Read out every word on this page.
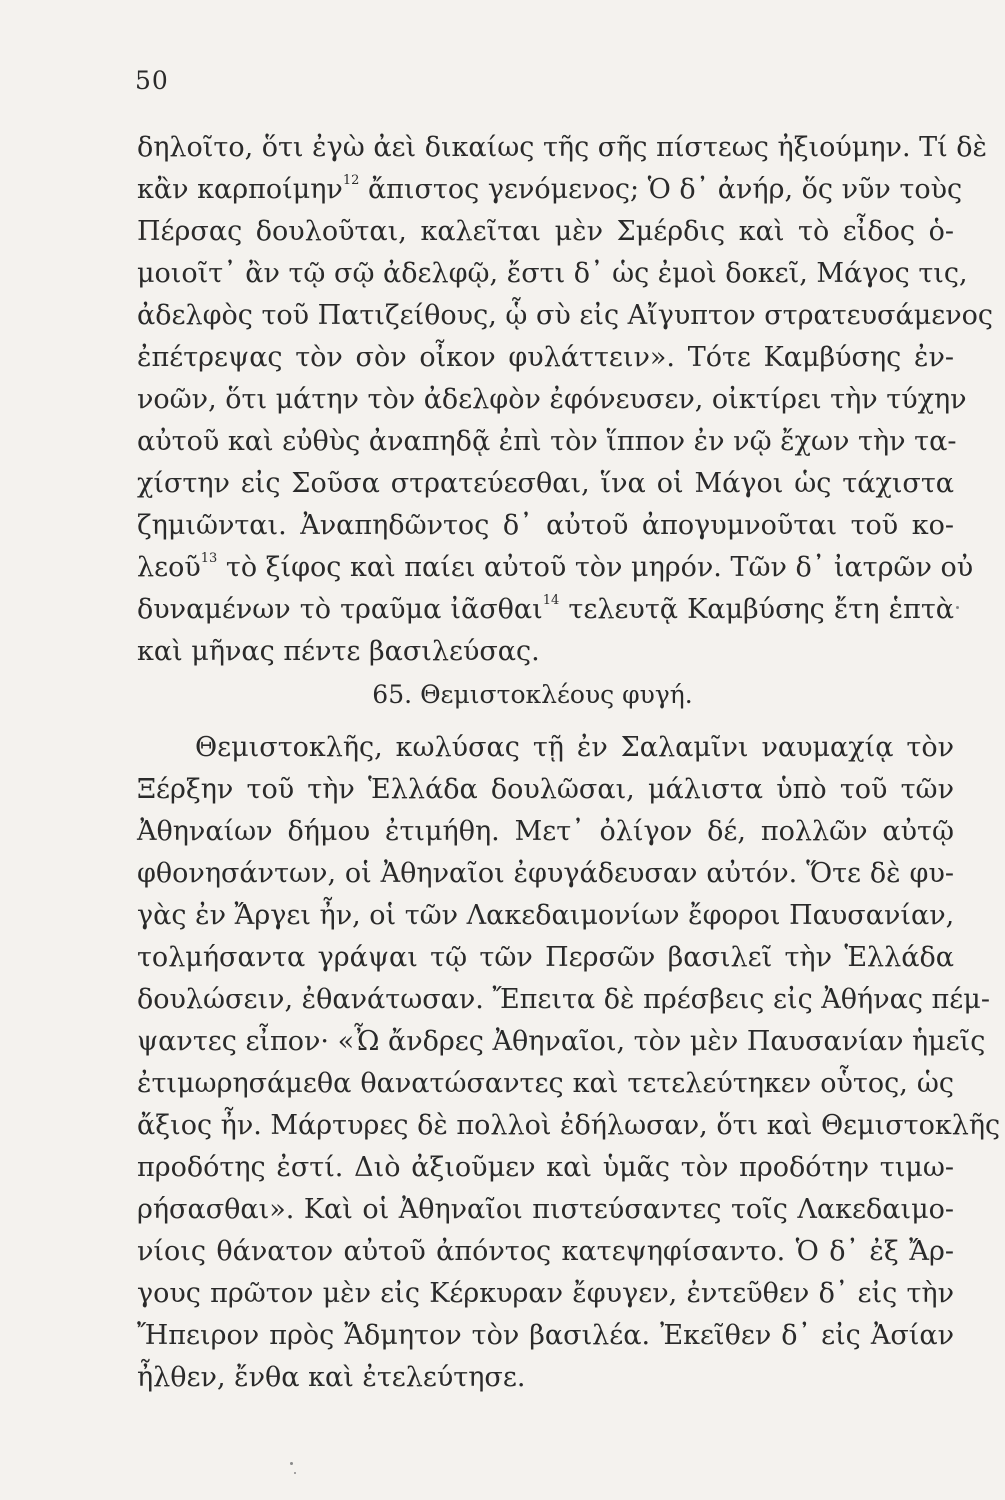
50
δηλοῖτο, ὅτι ἐγὼ ἀεὶ δικαίως τῆς σῆς πίστεως ἠξιούμην. Τί δὲ
κἂν καρποίμην$^{12}$ ἄπιστος γενόμενος; Ὁ δ᾽ ἀνήρ, ὅς νῦν τοὺς
Πέρσας δουλοῦται, καλεῖται μὲν Σμέρδις καὶ τὸ εἶδος ὁ-
μοιοῖτ᾽ ἂν τῷ σῷ ἀδελφῷ, ἔστι δ᾽ ὡς ἐμοὶ δοκεῖ, Μάγος τις,
ἀδελφὸς τοῦ Πατιζείθους, ᾧ σὺ εἰς Αἴγυπτον στρατευσάμενος
ἐπέτρεψας τὸν σὸν οἶκον φυλάττειν». Τότε Καμβύσης ἐν-
νοῶν, ὅτι μάτην τὸν ἀδελφὸν ἐφόνευσεν, οἰκτίρει τὴν τύχην
αὐτοῦ καὶ εὐθὺς ἀναπηδᾷ ἐπὶ τὸν ἵππον ἐν νῷ ἔχων τὴν τα-
χίστην εἰς Σοῦσα στρατεύεσθαι, ἵνα οἱ Μάγοι ὡς τάχιστα
ζημιῶνται. Ἀναπηδῶντος δ᾽ αὐτοῦ ἀπογυμνοῦται τοῦ κο-
λεοῦ$^{13}$ τὸ ξίφος καὶ παίει αὐτοῦ τὸν μηρόν. Τῶν δ᾽ ἰατρῶν οὐ
δυναμένων τὸ τραῦμα ἰᾶσθαι$^{14}$ τελευτᾷ Καμβύσης ἔτη ἑπτὰ
καὶ μῆνας πέντε βασιλεύσας.
65. Θεμιστοκλέους φυγή.
Θεμιστοκλῆς, κωλύσας τῇ ἐν Σαλαμῖνι ναυμαχίᾳ τὸν
Ξέρξην τοῦ τὴν Ἑλλάδα δουλῶσαι, μάλιστα ὑπὸ τοῦ τῶν
Ἀθηναίων δήμου ἐτιμήθη. Μετ᾽ ὀλίγον δέ, πολλῶν αὐτῷ
φθονησάντων, οἱ Ἀθηναῖοι ἐφυγάδευσαν αὐτόν. Ὅτε δὲ φυ-
γὰς ἐν Ἄργει ἦν, οἱ τῶν Λακεδαιμονίων ἔφοροι Παυσανίαν,
τολμήσαντα γράψαι τῷ τῶν Περσῶν βασιλεῖ τὴν Ἑλλάδα
δουλώσειν, ἐθανάτωσαν. Ἔπειτα δὲ πρέσβεις εἰς Ἀθήνας πέμ-
ψαντες εἶπον· «Ὦ ἄνδρες Ἀθηναῖοι, τὸν μὲν Παυσανίαν ἡμεῖς
ἐτιμωρησάμεθα θανατώσαντες καὶ τετελεύτηκεν οὗτος, ὡς
ἄξιος ἦν. Μάρτυρες δὲ πολλοὶ ἐδήλωσαν, ὅτι καὶ Θεμιστοκλῆς
προδότης ἐστί. Διὸ ἀξιοῦμεν καὶ ὑμᾶς τὸν προδότην τιμω-
ρήσασθαι». Καὶ οἱ Ἀθηναῖοι πιστεύσαντες τοῖς Λακεδαιμο-
νίοις θάνατον αὐτοῦ ἀπόντος κατεψηφίσαντο. Ὁ δ᾽ ἐξ Ἄρ-
γους πρῶτον μὲν εἰς Κέρκυραν ἔφυγεν, ἐντεῦθεν δ᾽ εἰς τὴν
Ἤπειρον πρὸς Ἄδμητον τὸν βασιλέα. Ἐκεῖθεν δ᾽ εἰς Ἀσίαν
ἦλθεν, ἔνθα καὶ ἐτελεύτησε.
